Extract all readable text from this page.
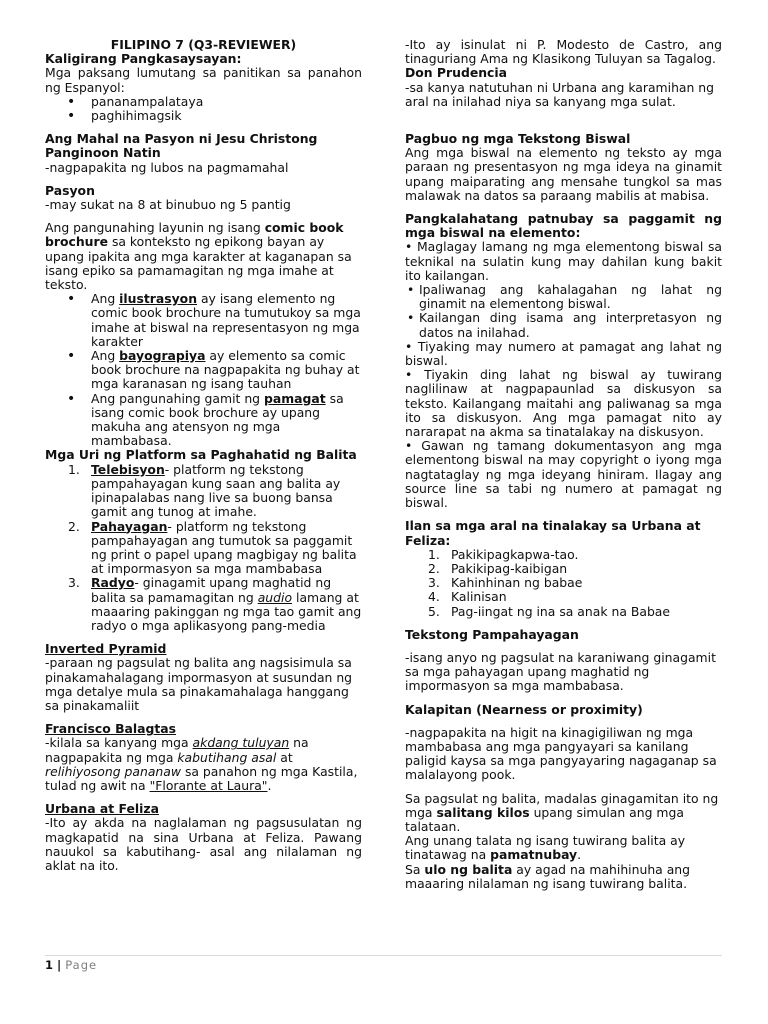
FILIPINO 7 (Q3-REVIEWER)

Kaligirang Pangkasaysayan:

Mga paksang lumutang sa panitikan sa panahon ng Espanyol:

• pananampalataya
• paghihimagsik

Ang Mahal na Pasyon ni Jesu Christong Panginoon Natin

-nagpapakita ng lubos na pagmamahal

Pasyon

-may sukat na 8 at binubuo ng 5 pantig

Ang pangunahing layunin ng isang comic book brochure sa konteksto ng epikong bayan ay upang ipakita ang mga karakter at kaganapan sa isang epiko sa pamamagitan ng mga imahe at teksto.

• Ang ilustrasyon ay isang elemento ng comic book brochure na tumutukoy sa mga imahe at biswal na representasyon ng mga karakter
• Ang bayograpiya ay elemento sa comic book brochure na nagpapakita ng buhay at mga karanasan ng isang tauhan
• Ang pangunahing gamit ng pamagat sa isang comic book brochure ay upang makuha ang atensyon ng mga mambabasa.

Mga Uri ng Platform sa Paghahatid ng Balita

1. Telebisyon- platform ng tekstong pampahayagan kung saan ang balita ay ipinapalabas nang live sa buong bansa gamit ang tunog at imahe.
2. Pahayagan- platform ng tekstong pampahayagan ang tumutok sa paggamit ng print o papel upang magbigay ng balita at impormasyon sa mga mambabasa
3. Radyo- ginagamit upang maghatid ng balita sa pamamagitan ng audio lamang at maaaring pakinggan ng mga tao gamit ang radyo o mga aplikasyong pang-media

Inverted Pyramid

-paraan ng pagsulat ng balita ang nagsisimula sa pinakamahalagang impormasyon at susundan ng mga detalye mula sa pinakamahalaga hanggang sa pinakamaliit

Francisco Balagtas

-kilala sa kanyang mga akdang tuluyan na nagpapakita ng mga kabutihang asal at relihiyosong pananaw sa panahon ng mga Kastila, tulad ng awit na "Florante at Laura".

Urbana at Feliza

-Ito ay akda na naglalaman ng pagsusulatan ng magkapatid na sina Urbana at Feliza. Pawang nauukol sa kabutihang- asal ang nilalaman ng aklat na ito.

-Ito ay isinulat ni P. Modesto de Castro, ang tinaguriang Ama ng Klasikong Tuluyan sa Tagalog.

Don Prudencia

-sa kanya natutuhan ni Urbana ang karamihan ng aral na inilahad niya sa kanyang mga sulat.

Pagbuo ng mga Tekstong Biswal

Ang mga biswal na elemento ng teksto ay mga paraan ng presentasyon ng mga ideya na ginamit upang maiparating ang mensahe tungkol sa mas malawak na datos sa paraang mabilis at mabisa.

Pangkalahatang patnubay sa paggamit ng mga biswal na elemento:

• Maglagay lamang ng mga elementong biswal sa teknikal na sulatin kung may dahilan kung bakit ito kailangan.

• Ipaliwanag ang kahalagahan ng lahat ng ginamit na elementong biswal.
• Kailangan ding isama ang interpretasyon ng datos na inilahad.

• Tiyaking may numero at pamagat ang lahat ng biswal.

• Tiyakin ding lahat ng biswal ay tuwirang naglilinaw at nagpapaunlad sa diskusyon sa teksto. Kailangang maitahi ang paliwanag sa mga ito sa diskusyon. Ang mga pamagat nito ay nararapat na akma sa tinatalakay na diskusyon.

• Gawan ng tamang dokumentasyon ang mga elementong biswal na may copyright o iyong mga nagtataglay ng mga ideyang hiniram. Ilagay ang source line sa tabi ng numero at pamagat ng biswal.

Ilan sa mga aral na tinalakay sa Urbana at Feliza:

1. Pakikipagkapwa-tao.
2. Pakikipag-kaibigan
3. Kahinhinan ng babae
4. Kalinisan
5. Pag-iingat ng ina sa anak na Babae

Tekstong Pampahayagan

-isang anyo ng pagsulat na karaniwang ginagamit sa mga pahayagan upang maghatid ng impormasyon sa mga mambabasa.

Kalapitan (Nearness or proximity)

-nagpapakita na higit na kinagigiliwan ng mga mambabasa ang mga pangyayari sa kanilang paligid kaysa sa mga pangyayaring nagaganap sa malalayong pook.

Sa pagsulat ng balita, madalas ginagamitan ito ng mga salitang kilos upang simulan ang mga talataan.

Ang unang talata ng isang tuwirang balita ay tinatawag na pamatnubay.

Sa ulo ng balita ay agad na mahihinuha ang maaaring nilalaman ng isang tuwirang balita.

1 | Page
